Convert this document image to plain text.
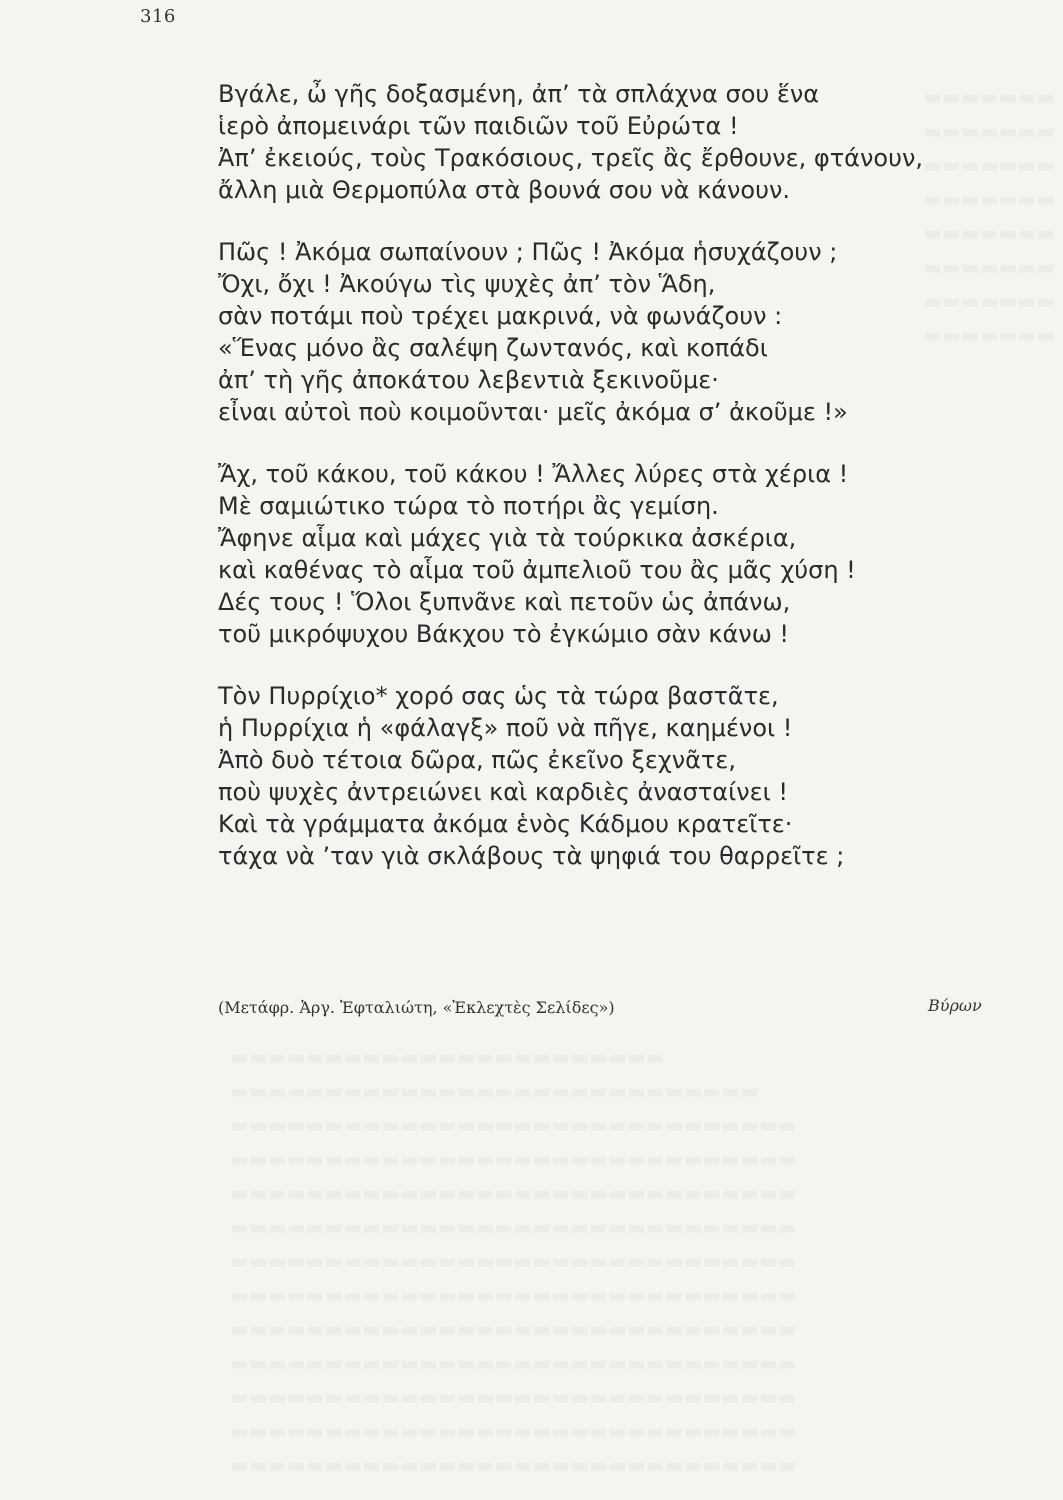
▬▬▬▬▬▬▬
▬▬▬▬▬▬▬
▬▬▬▬▬▬▬
▬▬▬▬▬▬▬
▬▬▬▬▬▬▬
▬▬▬▬▬▬▬
▬▬▬▬▬▬▬
▬▬▬▬▬▬▬
316
Βγάλε, ὦ γῆς δοξασμένη, ἀπ’ τὰ σπλάχνα σου ἕνα
ἱερὸ ἀπομεινάρι τῶν παιδιῶν τοῦ Εὐρώτα !
Ἀπ’ ἐκειούς, τοὺς Τρακόσιους, τρεῖς ἂς ἔρθουνε, φτάνουν,
ἄλλη μιὰ Θερμοπύλα στὰ βουνά σου νὰ κάνουν.
Πῶς ! Ἀκόμα σωπαίνουν ; Πῶς ! Ἀκόμα ἡσυχάζουν ;
Ὄχι, ὄχι ! Ἀκούγω τὶς ψυχὲς ἀπ’ τὸν Ἅδη,
σὰν ποτάμι ποὺ τρέχει μακρινά, νὰ φωνάζουν :
«Ἕνας μόνο ἂς σαλέψη ζωντανός, καὶ κοπάδι
ἀπ’ τὴ γῆς ἀποκάτου λεβεντιὰ ξεκινοῦμε·
εἶναι αὐτοὶ ποὺ κοιμοῦνται· μεῖς ἀκόμα σ’ ἀκοῦμε !»
Ἄχ, τοῦ κάκου, τοῦ κάκου ! Ἄλλες λύρες στὰ χέρια !
Μὲ σαμιώτικο τώρα τὸ ποτήρι ἂς γεμίση.
Ἄφηνε αἷμα καὶ μάχες γιὰ τὰ τούρκικα ἀσκέρια,
καὶ καθένας τὸ αἷμα τοῦ ἀμπελιοῦ του ἂς μᾶς χύση !
Δές τους ! Ὅλοι ξυπνᾶνε καὶ πετοῦν ὡς ἀπάνω,
τοῦ μικρόψυχου Βάκχου τὸ ἐγκώμιο σὰν κάνω !
Τὸν Πυρρίχιο* χορό σας ὡς τὰ τώρα βαστᾶτε,
ἡ Πυρρίχια ἡ «φάλαγξ» ποῦ νὰ πῆγε, καημένοι !
Ἀπὸ δυὸ τέτοια δῶρα, πῶς ἐκεῖνο ξεχνᾶτε,
ποὺ ψυχὲς ἀντρειώνει καὶ καρδιὲς ἀνασταίνει !
Καὶ τὰ γράμματα ἀκόμα ἑνὸς Κάδμου κρατεῖτε·
τάχα νὰ ’ταν γιὰ σκλάβους τὰ ψηφιά του θαρρεῖτε ;
(Μετάφρ. Ἀργ. Ἐφταλιώτη, «Ἐκλεχτὲς Σελίδες»)	Βύρων
▬▬▬▬▬▬▬▬▬▬▬▬▬▬▬▬▬▬▬▬▬▬▬
▬▬▬▬▬▬▬▬▬▬▬▬▬▬▬▬▬▬▬▬▬▬▬▬▬▬▬▬
▬▬▬▬▬▬▬▬▬▬▬▬▬▬▬▬▬▬▬▬▬▬▬▬▬▬▬▬▬▬
▬▬▬▬▬▬▬▬▬▬▬▬▬▬▬▬▬▬▬▬▬▬▬▬▬▬▬▬▬▬
▬▬▬▬▬▬▬▬▬▬▬▬▬▬▬▬▬▬▬▬▬▬▬▬▬▬▬▬▬▬
▬▬▬▬▬▬▬▬▬▬▬▬▬▬▬▬▬▬▬▬▬▬▬▬▬▬▬▬▬▬
▬▬▬▬▬▬▬▬▬▬▬▬▬▬▬▬▬▬▬▬▬▬▬▬▬▬▬▬▬▬
▬▬▬▬▬▬▬▬▬▬▬▬▬▬▬▬▬▬▬▬▬▬▬▬▬▬▬▬▬▬
▬▬▬▬▬▬▬▬▬▬▬▬▬▬▬▬▬▬▬▬▬▬▬▬▬▬▬▬▬▬
▬▬▬▬▬▬▬▬▬▬▬▬▬▬▬▬▬▬▬▬▬▬▬▬▬▬▬▬▬▬
▬▬▬▬▬▬▬▬▬▬▬▬▬▬▬▬▬▬▬▬▬▬▬▬▬▬▬▬▬▬
▬▬▬▬▬▬▬▬▬▬▬▬▬▬▬▬▬▬▬▬▬▬▬▬▬▬▬▬▬▬
▬▬▬▬▬▬▬▬▬▬▬▬▬▬▬▬▬▬▬▬▬▬▬▬▬▬▬▬▬▬
